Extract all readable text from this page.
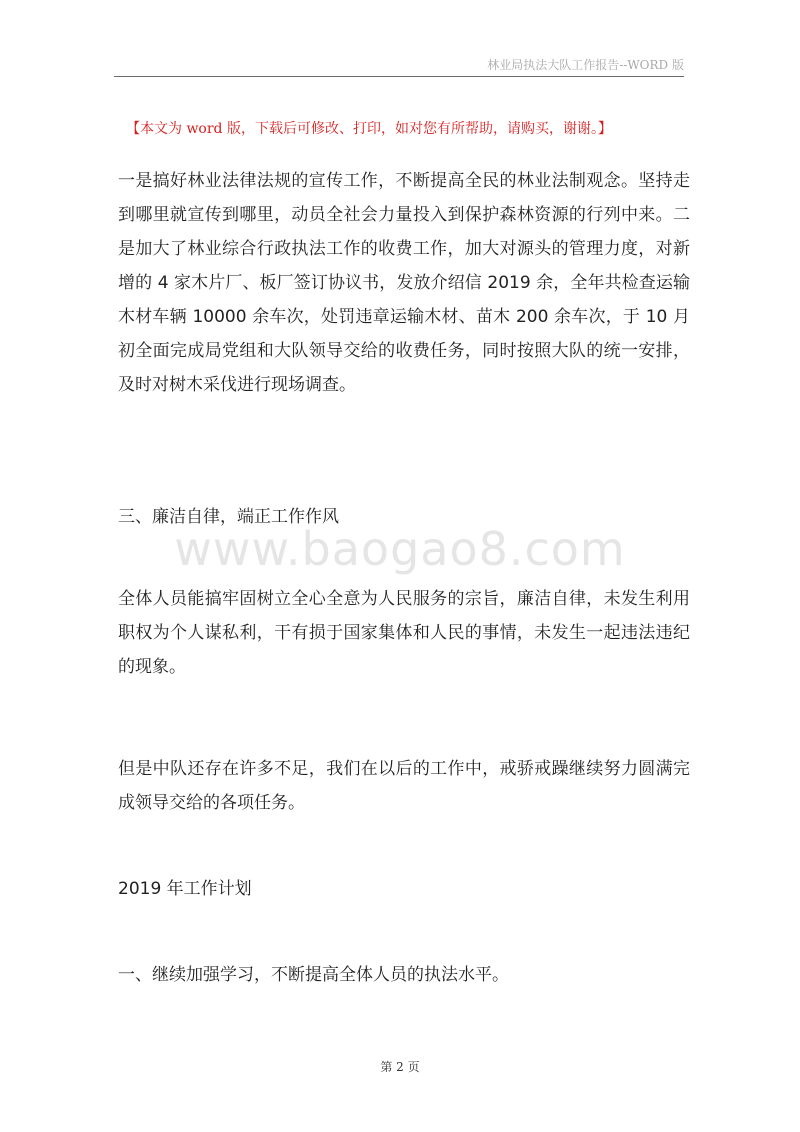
林业局执法大队工作报告--WORD 版
【本文为 word 版，下载后可修改、打印，如对您有所帮助，请购买，谢谢。】

一是搞好林业法律法规的宣传工作，不断提高全民的林业法制观念。坚持走到哪里就宣传到哪里，动员全社会力量投入到保护森林资源的行列中来。二是加大了林业综合行政执法工作的收费工作，加大对源头的管理力度，对新增的 4 家木片厂、板厂签订协议书，发放介绍信 2019 余，全年共检查运输木材车辆 10000 余车次，处罚违章运输木材、苗木 200 余车次，于 10 月初全面完成局党组和大队领导交给的收费任务，同时按照大队的统一安排，及时对树木采伐进行现场调查。

三、廉洁自律，端正工作作风

www.baogao8.com

全体人员能搞牢固树立全心全意为人民服务的宗旨，廉洁自律，未发生利用职权为个人谋私利，干有损于国家集体和人民的事情，未发生一起违法违纪的现象。

但是中队还存在许多不足，我们在以后的工作中，戒骄戒躁继续努力圆满完成领导交给的各项任务。

2019 年工作计划

一、继续加强学习，不断提高全体人员的执法水平。

第 2 页
